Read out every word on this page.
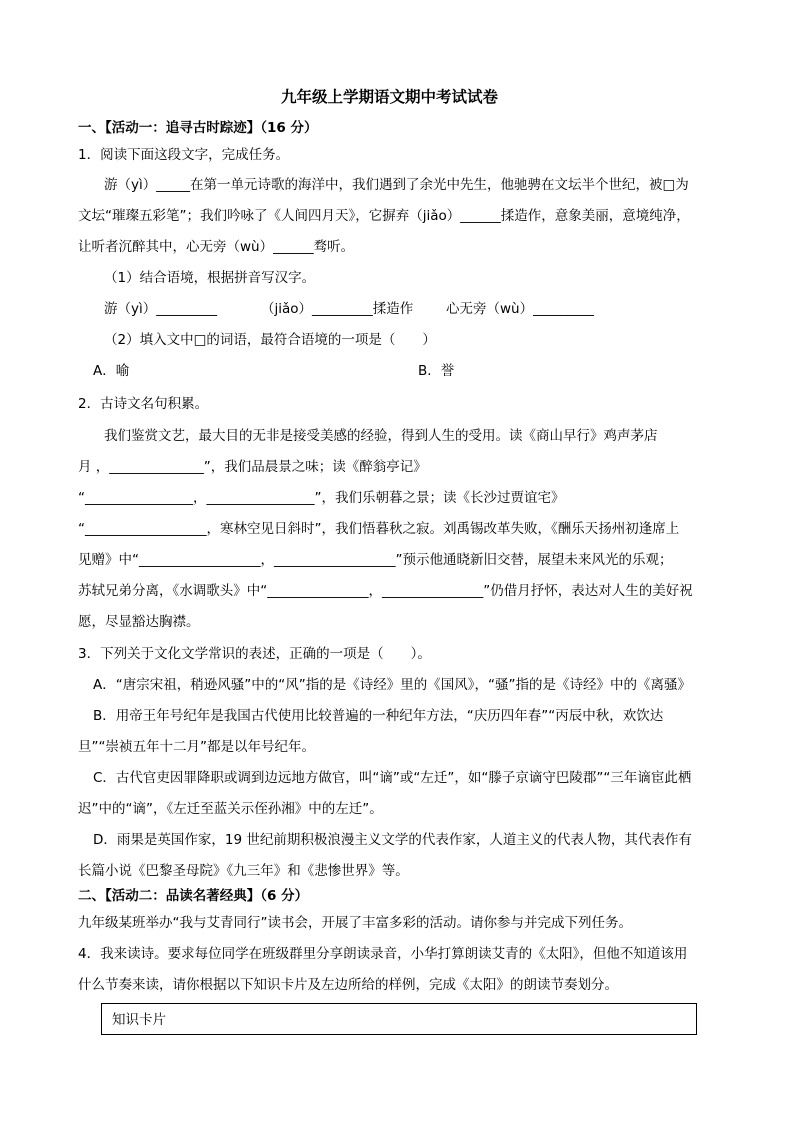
九年级上学期语文期中考试试卷
一、【活动一：追寻古时踪迹】（16 分）
1．阅读下面这段文字，完成任务。
游（yì）_____在第一单元诗歌的海洋中，我们遇到了余光中先生，他驰骋在文坛半个世纪，被□为
文坛“璀璨五彩笔”；我们吟咏了《人间四月天》，它摒弃（jiǎo）______揉造作，意象美丽，意境纯净，
让听者沉醉其中，心无旁（wù）______骛听。
（1）结合语境，根据拼音写汉字。
游（yì）_________	（jiǎo）_________揉造作 心无旁（wù）_________
（2）填入文中□的词语，最符合语境的一项是（　　）
A．喻	B．誉
2．古诗文名句积累。
我们鉴赏文艺，最大目的无非是接受美感的经验，得到人生的受用。读《商山早行》鸡声茅店
月 ，______________”，我们品晨景之味；读《醉翁亭记》
“________________，________________”，我们乐朝暮之景；读《长沙过贾谊宅》
“__________________，寒林空见日斜时”，我们悟暮秋之寂。刘禹锡改革失败，《酬乐天扬州初逢席上
见赠》中“__________________，__________________”预示他通晓新旧交替，展望未来风光的乐观；
苏轼兄弟分离，《水调歌头》中“_______________，_______________”仍借月抒怀，表达对人生的美好祝
愿，尽显豁达胸襟。
3．下列关于文化文学常识的表述，正确的一项是（　　）。
A．“唐宗宋祖，稍逊风骚”中的“风”指的是《诗经》里的《国风》，“骚”指的是《诗经》中的《离骚》
B．用帝王年号纪年是我国古代使用比较普遍的一种纪年方法，“庆历四年春”“丙辰中秋，欢饮达
旦”“崇祯五年十二月”都是以年号纪年。
C．古代官吏因罪降职或调到边远地方做官，叫“谪”或“左迁”，如“滕子京谪守巴陵郡”“三年谪宦此栖
迟”中的“谪”，《左迁至蓝关示侄孙湘》中的左迁”。
D．雨果是英国作家，19 世纪前期积极浪漫主义文学的代表作家，人道主义的代表人物，其代表作有
长篇小说《巴黎圣母院》《九三年》和《悲惨世界》等。
二、【活动二：品读名著经典】（6 分）
九年级某班举办“我与艾青同行”读书会，开展了丰富多彩的活动。请你参与并完成下列任务。
4．我来读诗。要求每位同学在班级群里分享朗读录音，小华打算朗读艾青的《太阳》，但他不知道该用
什么节奏来读，请你根据以下知识卡片及左边所给的样例，完成《太阳》的朗读节奏划分。
知识卡片
